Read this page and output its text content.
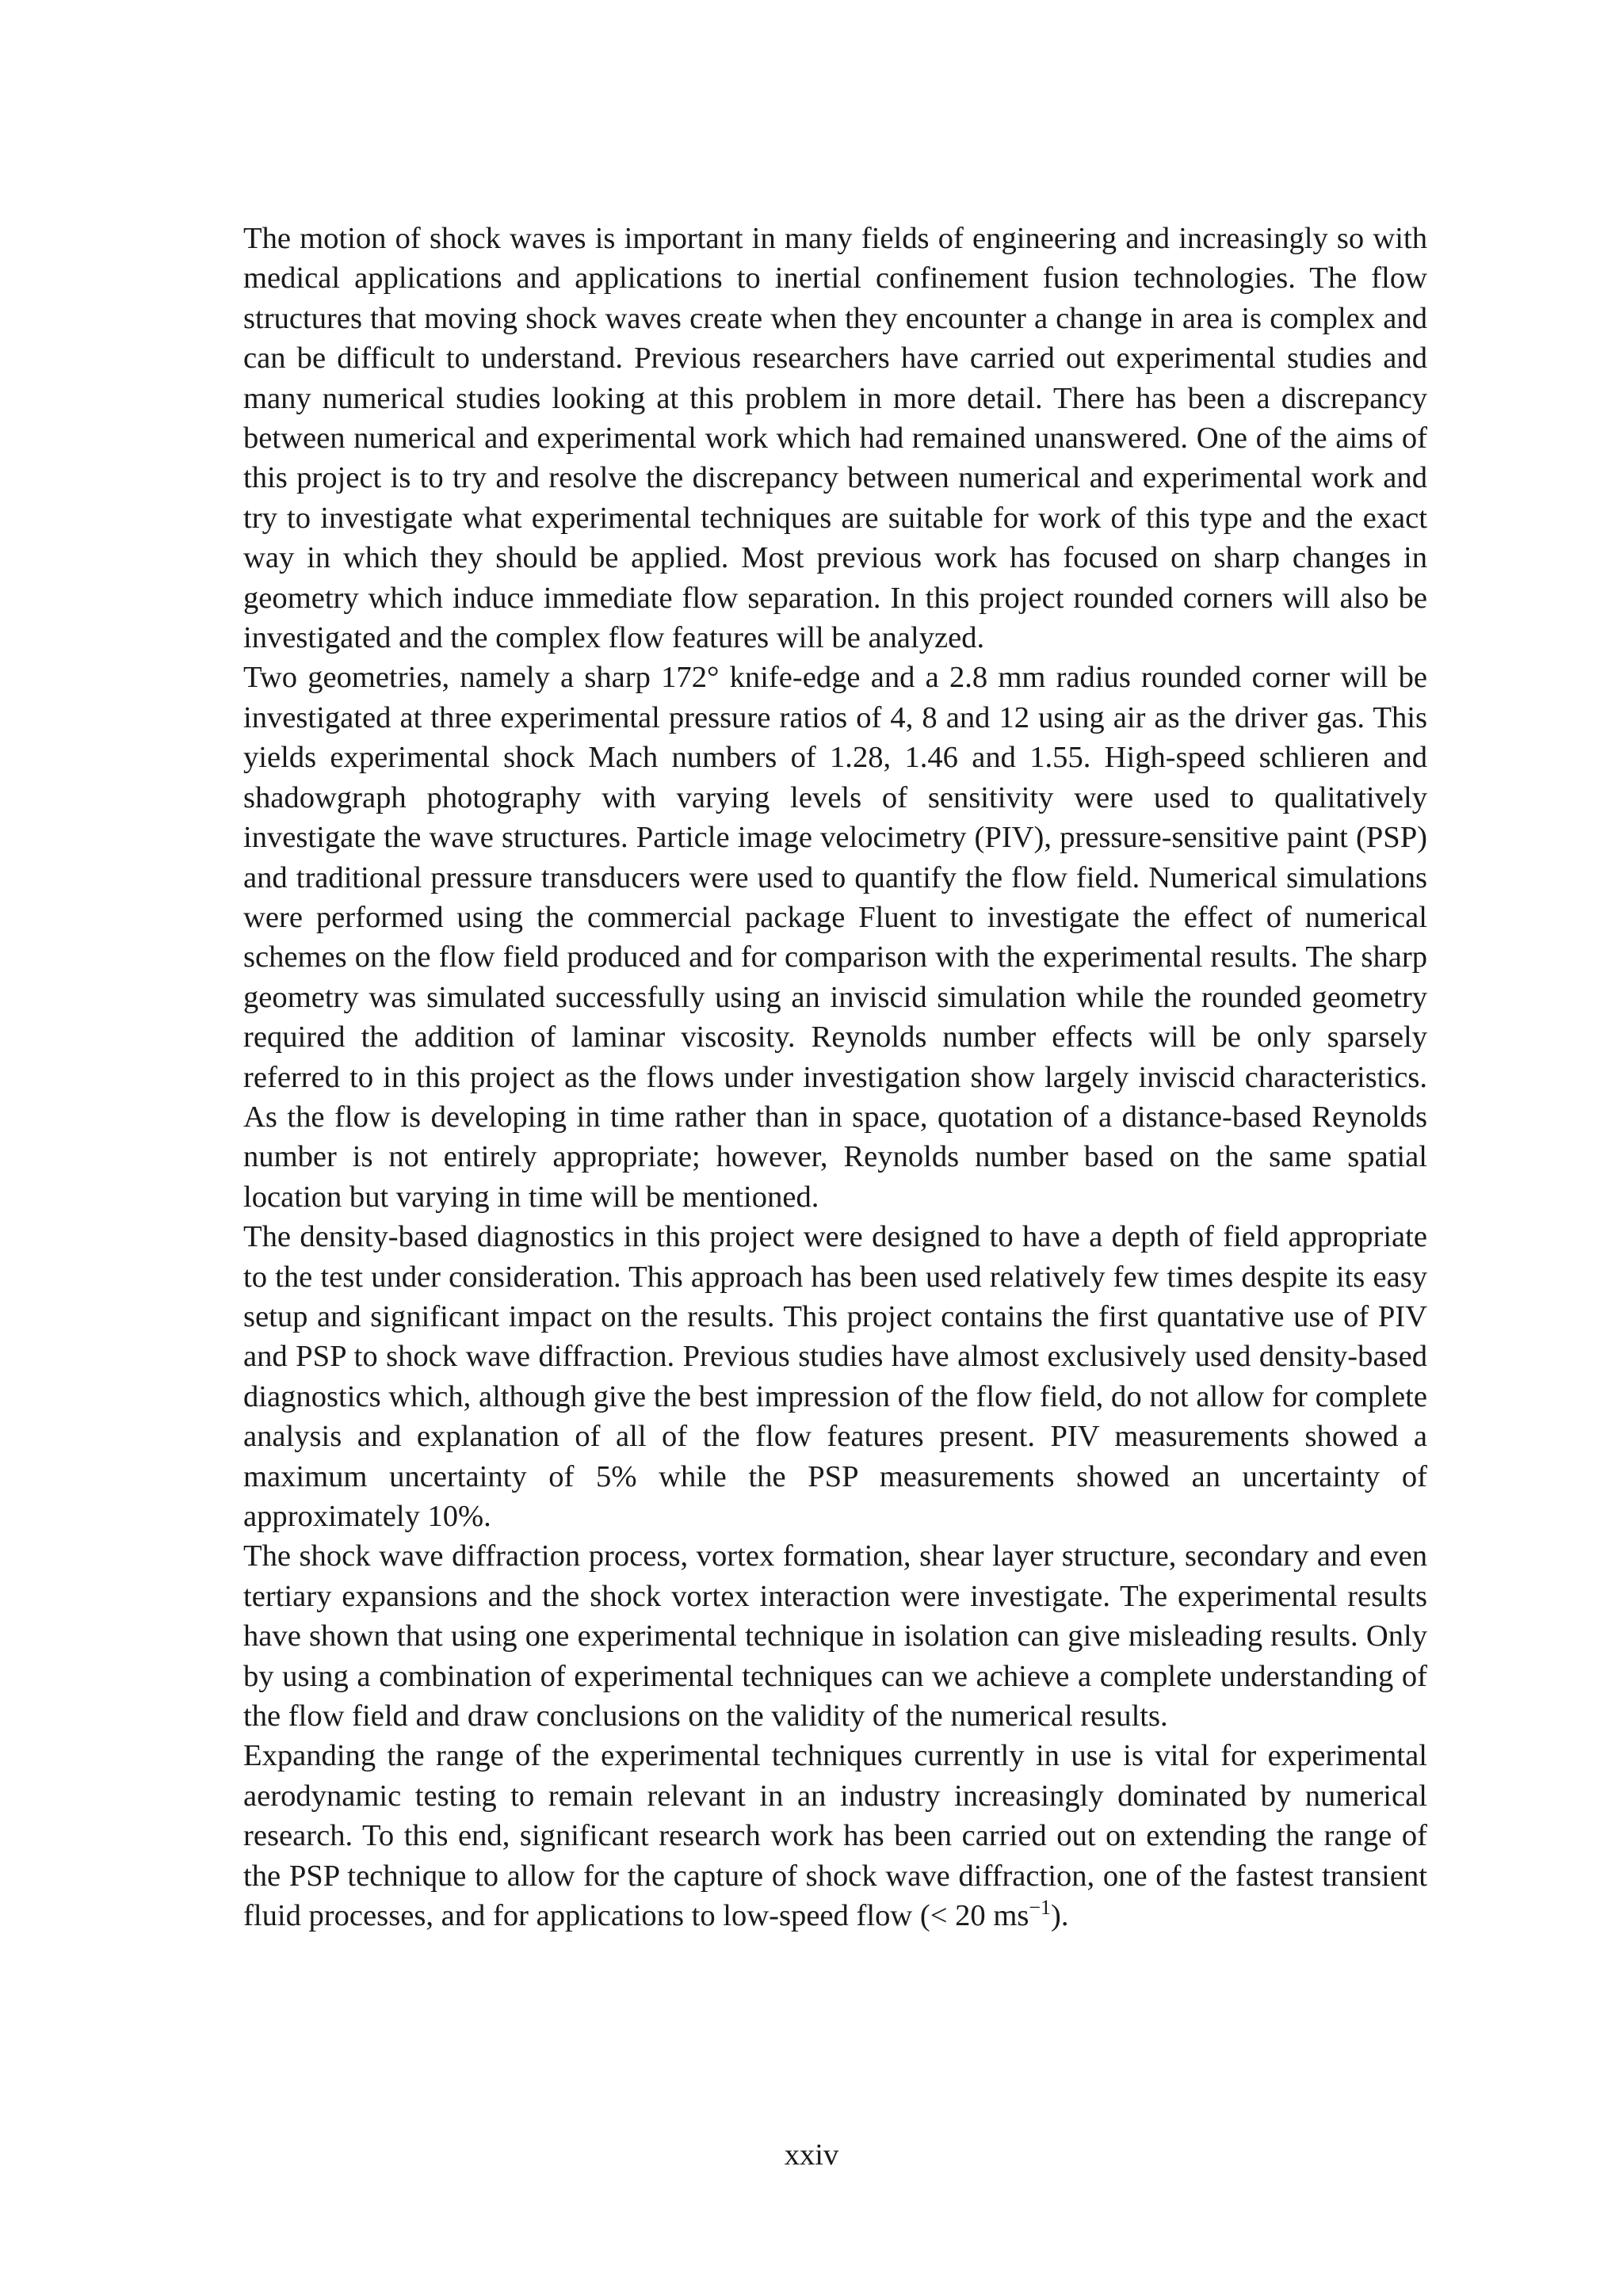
The motion of shock waves is important in many fields of engineering and increasingly so with medical applications and applications to inertial confinement fusion technologies. The flow structures that moving shock waves create when they encounter a change in area is complex and can be difficult to understand. Previous researchers have carried out experimental studies and many numerical studies looking at this problem in more detail. There has been a discrepancy between numerical and experimental work which had remained unanswered. One of the aims of this project is to try and resolve the discrepancy between numerical and experimental work and try to investigate what experimental techniques are suitable for work of this type and the exact way in which they should be applied. Most previous work has focused on sharp changes in geometry which induce immediate flow separation. In this project rounded corners will also be investigated and the complex flow features will be analyzed.

Two geometries, namely a sharp 172° knife-edge and a 2.8 mm radius rounded corner will be investigated at three experimental pressure ratios of 4, 8 and 12 using air as the driver gas. This yields experimental shock Mach numbers of 1.28, 1.46 and 1.55. High-speed schlieren and shadowgraph photography with varying levels of sensitivity were used to qualitatively investigate the wave structures. Particle image velocimetry (PIV), pressure-sensitive paint (PSP) and traditional pressure transducers were used to quantify the flow field. Numerical simulations were performed using the commercial package Fluent to investigate the effect of numerical schemes on the flow field produced and for comparison with the experimental results. The sharp geometry was simulated successfully using an inviscid simulation while the rounded geometry required the addition of laminar viscosity. Reynolds number effects will be only sparsely referred to in this project as the flows under investigation show largely inviscid characteristics. As the flow is developing in time rather than in space, quotation of a distance-based Reynolds number is not entirely appropriate; however, Reynolds number based on the same spatial location but varying in time will be mentioned.

The density-based diagnostics in this project were designed to have a depth of field appropriate to the test under consideration. This approach has been used relatively few times despite its easy setup and significant impact on the results. This project contains the first quantative use of PIV and PSP to shock wave diffraction. Previous studies have almost exclusively used density-based diagnostics which, although give the best impression of the flow field, do not allow for complete analysis and explanation of all of the flow features present. PIV measurements showed a maximum uncertainty of 5% while the PSP measurements showed an uncertainty of approximately 10%.

The shock wave diffraction process, vortex formation, shear layer structure, secondary and even tertiary expansions and the shock vortex interaction were investigate. The experimental results have shown that using one experimental technique in isolation can give misleading results. Only by using a combination of experimental techniques can we achieve a complete understanding of the flow field and draw conclusions on the validity of the numerical results.

Expanding the range of the experimental techniques currently in use is vital for experimental aerodynamic testing to remain relevant in an industry increasingly dominated by numerical research. To this end, significant research work has been carried out on extending the range of the PSP technique to allow for the capture of shock wave diffraction, one of the fastest transient fluid processes, and for applications to low-speed flow (< 20 $ms^{-1}$).

xxiv
